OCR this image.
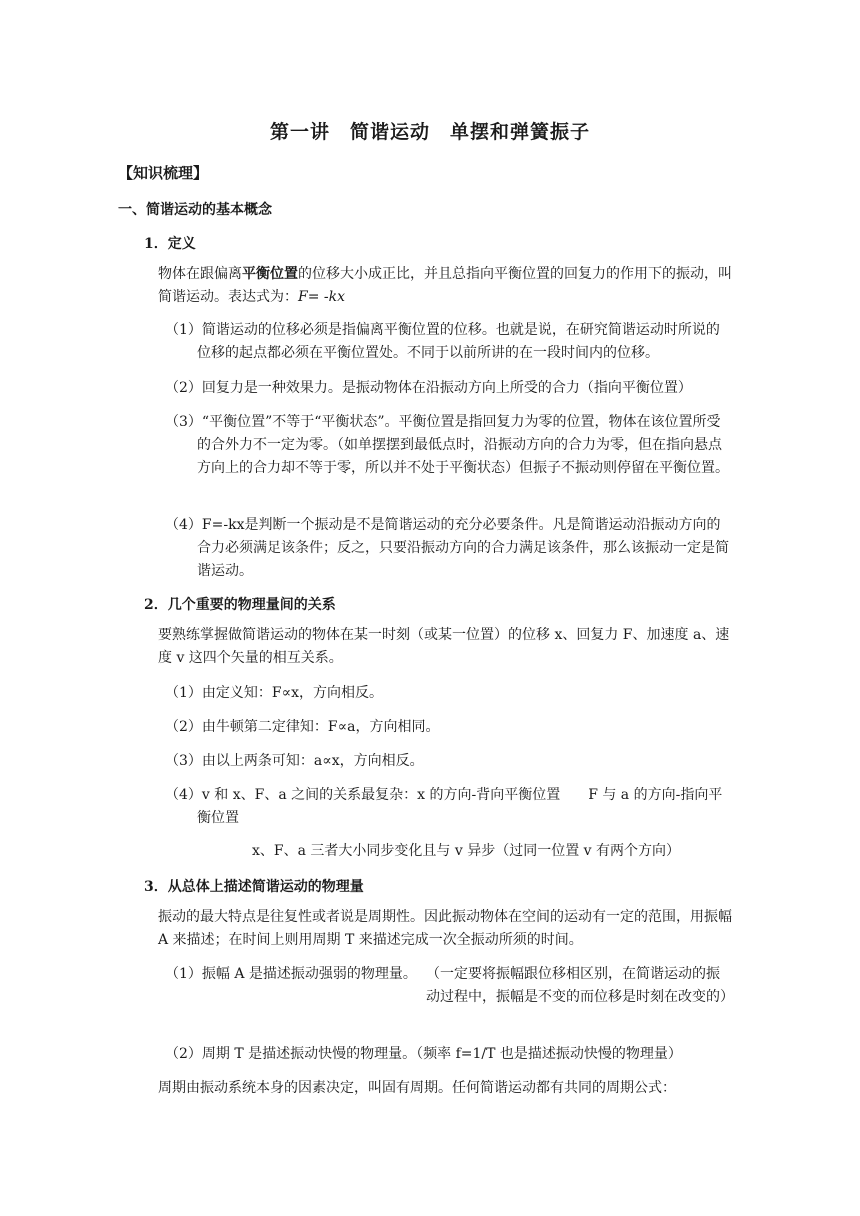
第一讲　简谐运动　单摆和弹簧振子
【知识梳理】
一、简谐运动的基本概念
1．定义
物体在跟偏离平衡位置的位移大小成正比，并且总指向平衡位置的回复力的作用下的振动，叫简谐运动。表达式为：F= -kx
（1）简谐运动的位移必须是指偏离平衡位置的位移。也就是说，在研究简谐运动时所说的位移的起点都必须在平衡位置处。不同于以前所讲的在一段时间内的位移。
（2）回复力是一种效果力。是振动物体在沿振动方向上所受的合力（指向平衡位置）
（3）“平衡位置”不等于“平衡状态”。平衡位置是指回复力为零的位置，物体在该位置所受的合外力不一定为零。（如单摆摆到最低点时，沿振动方向的合力为零，但在指向悬点方向上的合力却不等于零，所以并不处于平衡状态）但振子不振动则停留在平衡位置。
（4）F=-kx是判断一个振动是不是简谐运动的充分必要条件。凡是简谐运动沿振动方向的合力必须满足该条件；反之，只要沿振动方向的合力满足该条件，那么该振动一定是简谐运动。
2．几个重要的物理量间的关系
要熟练掌握做简谐运动的物体在某一时刻（或某一位置）的位移 x、回复力 F、加速度 a、速度 v 这四个矢量的相互关系。
（1）由定义知：F∝x，方向相反。
（2）由牛顿第二定律知：F∝a，方向相同。
（3）由以上两条可知：a∝x，方向相反。
（4）v 和 x、F、a 之间的关系最复杂：x 的方向-背向平衡位置　　F 与 a 的方向-指向平衡位置
x、F、a 三者大小同步变化且与 v 异步（过同一位置 v 有两个方向）
3．从总体上描述简谐运动的物理量
振动的最大特点是往复性或者说是周期性。因此振动物体在空间的运动有一定的范围，用振幅 A 来描述；在时间上则用周期 T 来描述完成一次全振动所须的时间。
（1）振幅 A 是描述振动强弱的物理量。 （一定要将振幅跟位移相区别，在简谐运动的振动过程中，振幅是不变的而位移是时刻在改变的）
（2）周期 T 是描述振动快慢的物理量。（频率 f=1/T 也是描述振动快慢的物理量）
周期由振动系统本身的因素决定，叫固有周期。任何简谐运动都有共同的周期公式：
